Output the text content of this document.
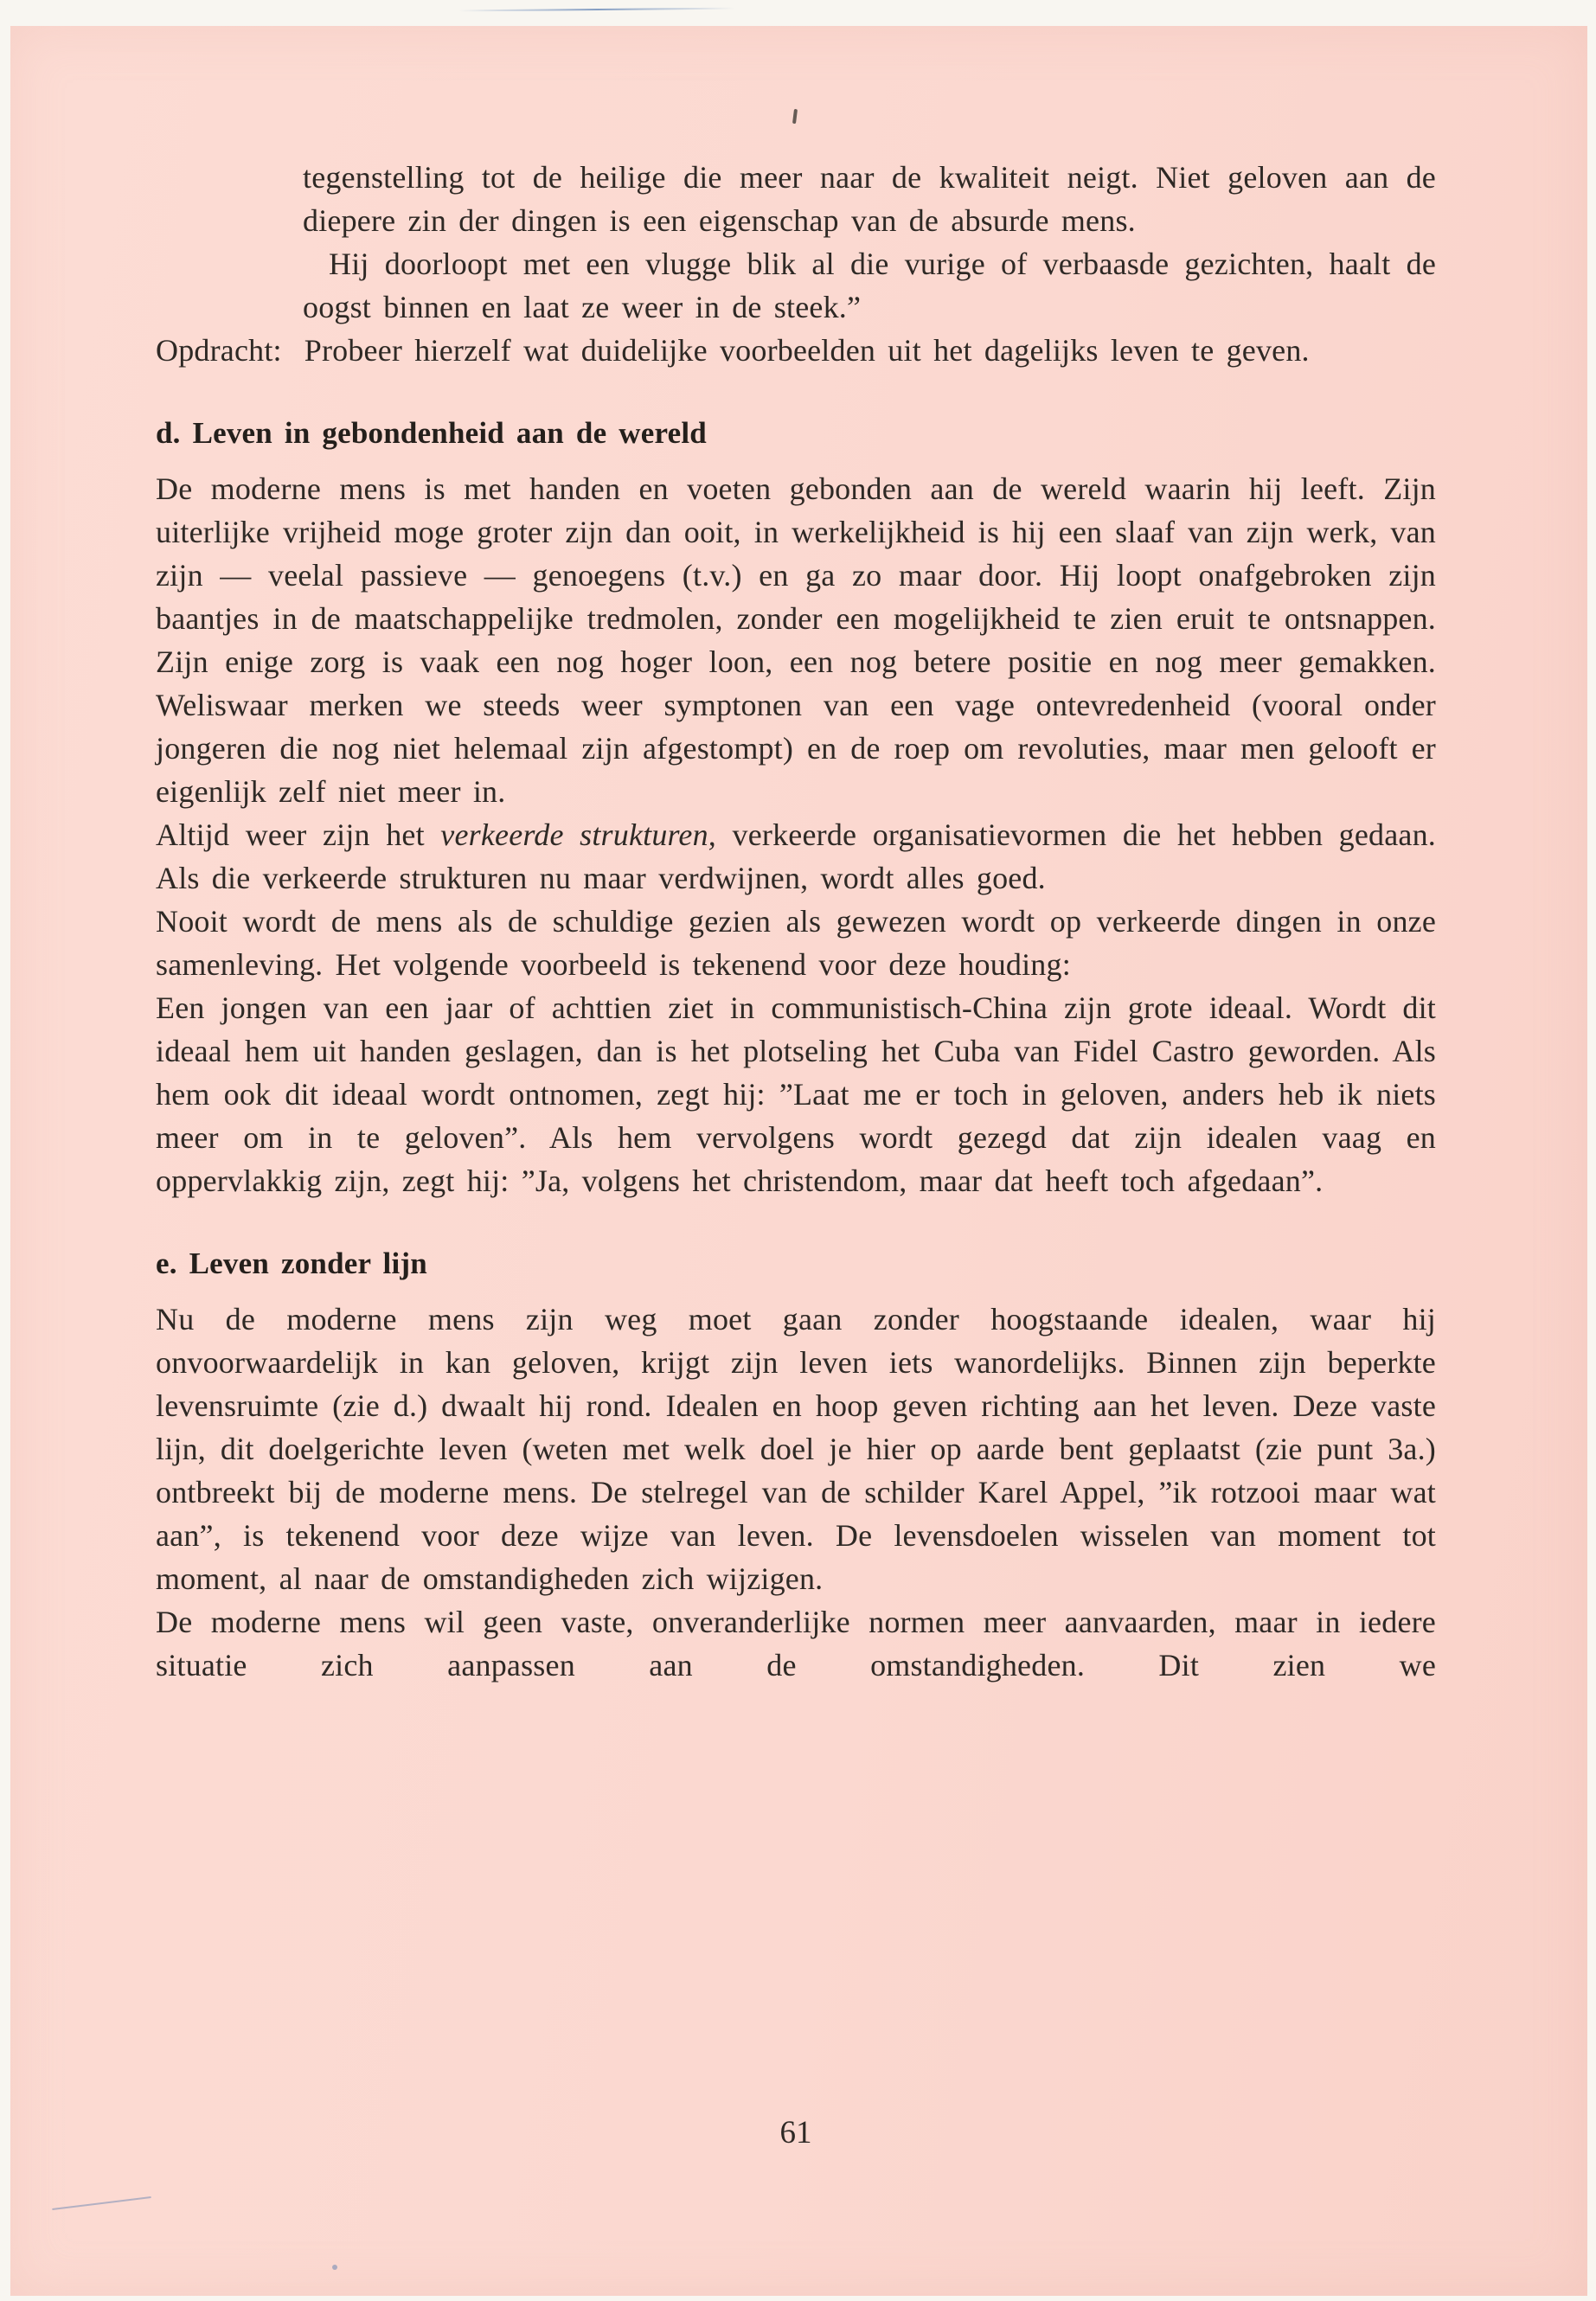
tegenstelling tot de heilige die meer naar de kwaliteit neigt. Niet geloven aan de diepere zin der dingen is een eigenschap van de absurde mens.

Hij doorloopt met een vlugge blik al die vurige of verbaasde gezichten, haalt de oogst binnen en laat ze weer in de steek.”

Opdracht: Probeer hierzelf wat duidelijke voorbeelden uit het dagelijks leven te geven.

d. Leven in gebondenheid aan de wereld

De moderne mens is met handen en voeten gebonden aan de wereld waarin hij leeft. Zijn uiterlijke vrijheid moge groter zijn dan ooit, in werkelijkheid is hij een slaaf van zijn werk, van zijn — veelal passieve — genoegens (t.v.) en ga zo maar door. Hij loopt onafgebroken zijn baantjes in de maatschappelijke tredmolen, zonder een mogelijkheid te zien eruit te ontsnappen. Zijn enige zorg is vaak een nog hoger loon, een nog betere positie en nog meer gemakken. Weliswaar merken we steeds weer symptonen van een vage ontevredenheid (vooral onder jongeren die nog niet helemaal zijn afgestompt) en de roep om revoluties, maar men gelooft er eigenlijk zelf niet meer in.

Altijd weer zijn het verkeerde strukturen, verkeerde organisatievormen die het hebben gedaan. Als die verkeerde strukturen nu maar verdwijnen, wordt alles goed.

Nooit wordt de mens als de schuldige gezien als gewezen wordt op verkeerde dingen in onze samenleving. Het volgende voorbeeld is tekenend voor deze houding:

Een jongen van een jaar of achttien ziet in communistisch-China zijn grote ideaal. Wordt dit ideaal hem uit handen geslagen, dan is het plotseling het Cuba van Fidel Castro geworden. Als hem ook dit ideaal wordt ontnomen, zegt hij: ”Laat me er toch in geloven, anders heb ik niets meer om in te geloven”. Als hem vervolgens wordt gezegd dat zijn idealen vaag en oppervlakkig zijn, zegt hij: ”Ja, volgens het christendom, maar dat heeft toch afgedaan”.

e. Leven zonder lijn

Nu de moderne mens zijn weg moet gaan zonder hoogstaande idealen, waar hij onvoorwaardelijk in kan geloven, krijgt zijn leven iets wanordelijks. Binnen zijn beperkte levensruimte (zie d.) dwaalt hij rond. Idealen en hoop geven richting aan het leven. Deze vaste lijn, dit doelgerichte leven (weten met welk doel je hier op aarde bent geplaatst (zie punt 3a.) ontbreekt bij de moderne mens. De stelregel van de schilder Karel Appel, ”ik rotzooi maar wat aan”, is tekenend voor deze wijze van leven. De levensdoelen wisselen van moment tot moment, al naar de omstandigheden zich wijzigen.

De moderne mens wil geen vaste, onveranderlijke normen meer aanvaarden, maar in iedere situatie zich aanpassen aan de omstandigheden. Dit zien we

61
